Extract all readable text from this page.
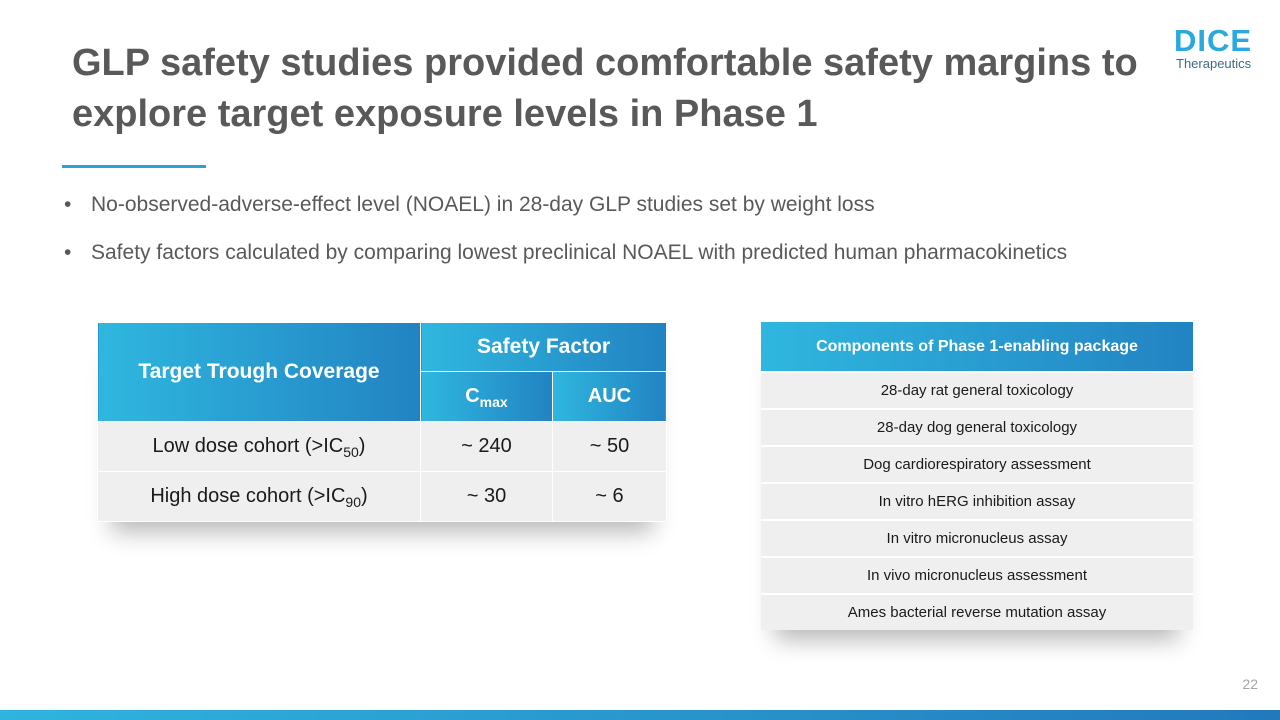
GLP safety studies provided comfortable safety margins to explore target exposure levels in Phase 1
DICE
Therapeutics
• No-observed-adverse-effect level (NOAEL) in 28-day GLP studies set by weight loss
• Safety factors calculated by comparing lowest preclinical NOAEL with predicted human pharmacokinetics
Target Trough Coverage	Safety Factor	
	$C_{max}$	AUC
Low dose cohort $(>IC_{50})$	~ 240	~ 50
High dose cohort $(>IC_{90})$	~ 30	~ 6
Components of Phase 1-enabling package
28-day rat general toxicology
28-day dog general toxicology
Dog cardiorespiratory assessment
In vitro hERG inhibition assay
In vitro micronucleus assay
In vivo micronucleus assessment
Ames bacterial reverse mutation assay
22
